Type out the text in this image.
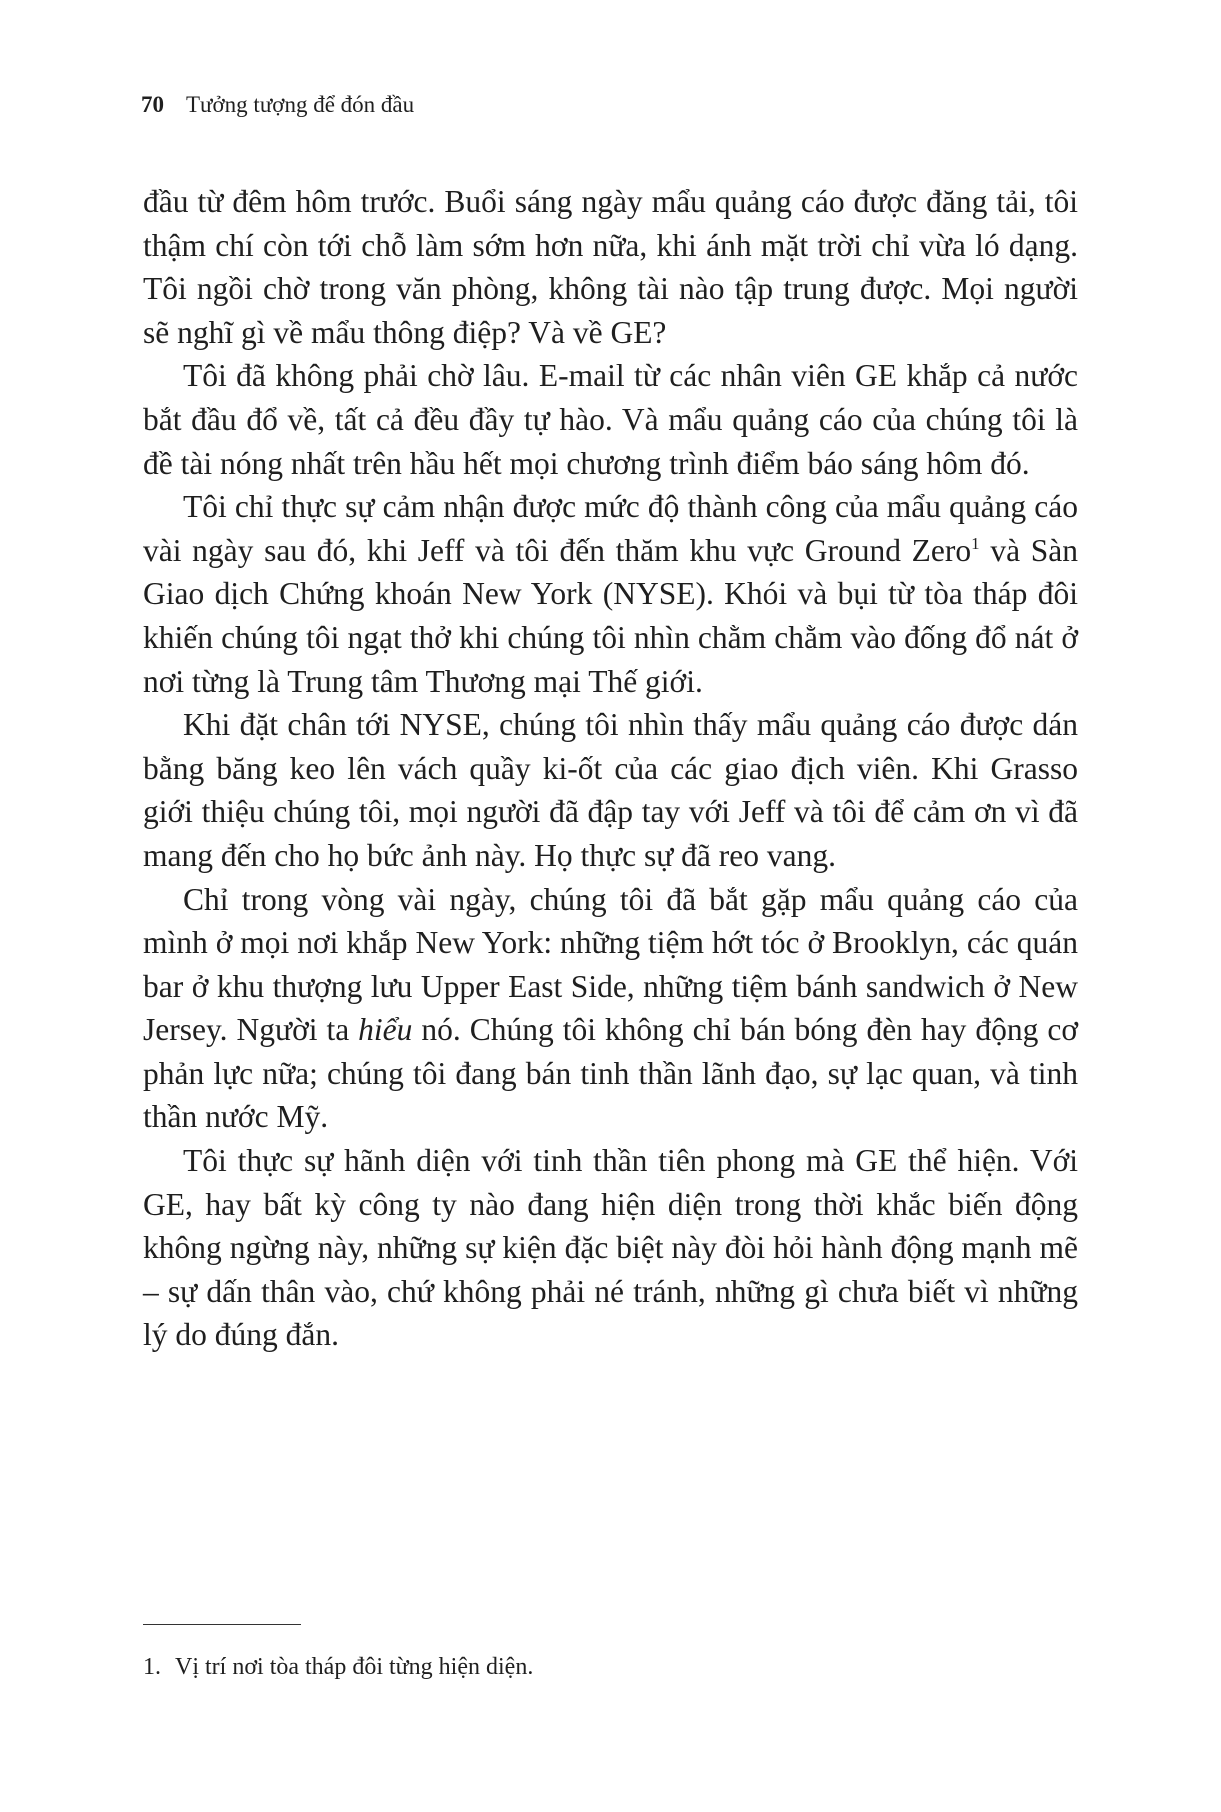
70 Tưởng tượng để đón đầu

đầu từ đêm hôm trước. Buổi sáng ngày mẩu quảng cáo được đăng tải, tôi thậm chí còn tới chỗ làm sớm hơn nữa, khi ánh mặt trời chỉ vừa ló dạng. Tôi ngồi chờ trong văn phòng, không tài nào tập trung được. Mọi người sẽ nghĩ gì về mẩu thông điệp? Và về GE?

Tôi đã không phải chờ lâu. E-mail từ các nhân viên GE khắp cả nước bắt đầu đổ về, tất cả đều đầy tự hào. Và mẩu quảng cáo của chúng tôi là đề tài nóng nhất trên hầu hết mọi chương trình điểm báo sáng hôm đó.

Tôi chỉ thực sự cảm nhận được mức độ thành công của mẩu quảng cáo vài ngày sau đó, khi Jeff và tôi đến thăm khu vực Ground Zero$^1$ và Sàn Giao dịch Chứng khoán New York (NYSE). Khói và bụi từ tòa tháp đôi khiến chúng tôi ngạt thở khi chúng tôi nhìn chằm chằm vào đống đổ nát ở nơi từng là Trung tâm Thương mại Thế giới.

Khi đặt chân tới NYSE, chúng tôi nhìn thấy mẩu quảng cáo được dán bằng băng keo lên vách quầy ki-ốt của các giao địch viên. Khi Grasso giới thiệu chúng tôi, mọi người đã đập tay với Jeff và tôi để cảm ơn vì đã mang đến cho họ bức ảnh này. Họ thực sự đã reo vang.

Chỉ trong vòng vài ngày, chúng tôi đã bắt gặp mẩu quảng cáo của mình ở mọi nơi khắp New York: những tiệm hớt tóc ở Brooklyn, các quán bar ở khu thượng lưu Upper East Side, những tiệm bánh sandwich ở New Jersey. Người ta hiểu nó. Chúng tôi không chỉ bán bóng đèn hay động cơ phản lực nữa; chúng tôi đang bán tinh thần lãnh đạo, sự lạc quan, và tinh thần nước Mỹ.

Tôi thực sự hãnh diện với tinh thần tiên phong mà GE thể hiện. Với GE, hay bất kỳ công ty nào đang hiện diện trong thời khắc biến động không ngừng này, những sự kiện đặc biệt này đòi hỏi hành động mạnh mẽ – sự dấn thân vào, chứ không phải né tránh, những gì chưa biết vì những lý do đúng đắn.

1. Vị trí nơi tòa tháp đôi từng hiện diện.
